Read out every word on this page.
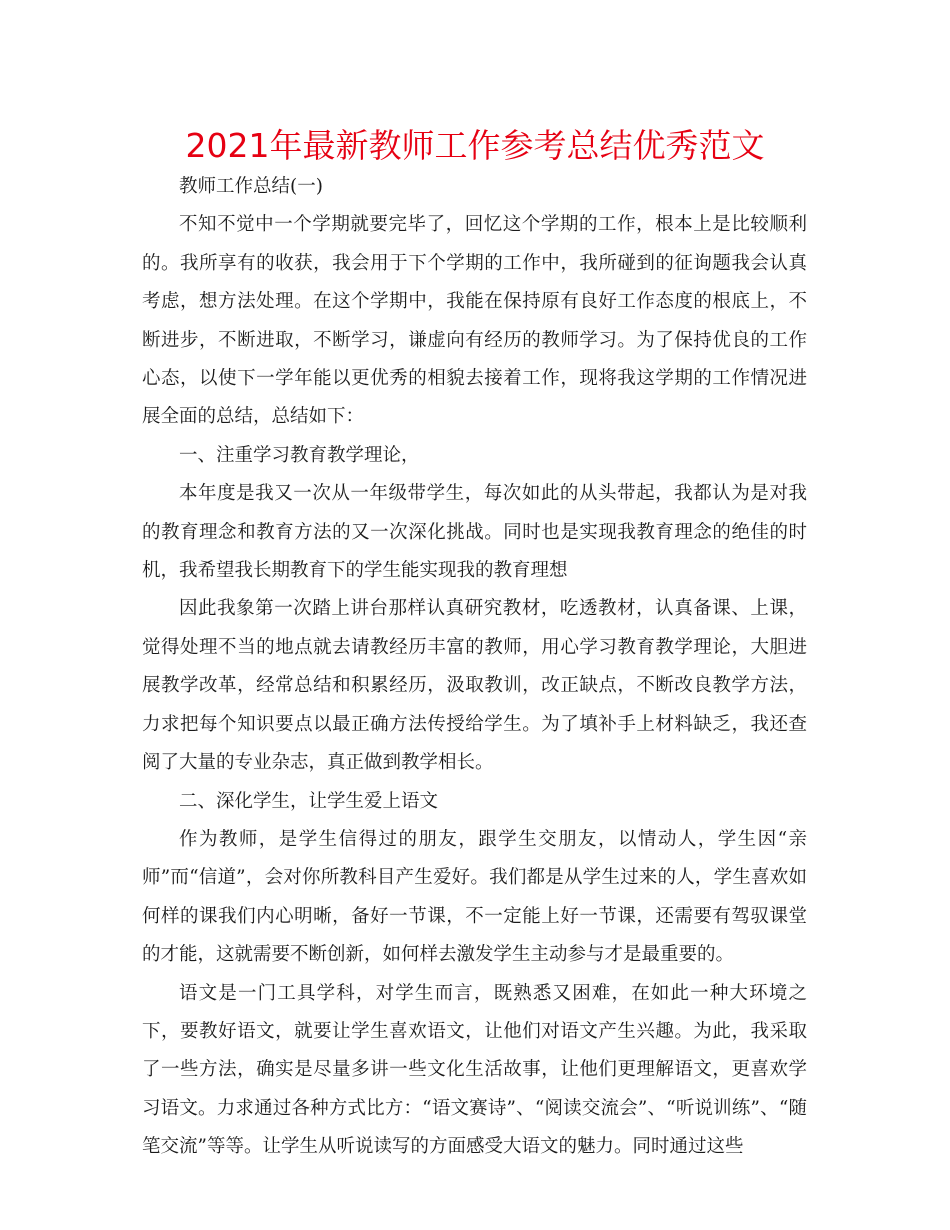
2021年最新教师工作参考总结优秀范文

教师工作总结(一)

不知不觉中一个学期就要完毕了，回忆这个学期的工作，根本上是比较顺利的。我所享有的收获，我会用于下个学期的工作中，我所碰到的征询题我会认真考虑，想方法处理。在这个学期中，我能在保持原有良好工作态度的根底上，不断进步，不断进取，不断学习，谦虚向有经历的教师学习。为了保持优良的工作心态，以使下一学年能以更优秀的相貌去接着工作，现将我这学期的工作情况进展全面的总结，总结如下：

一、注重学习教育教学理论，

本年度是我又一次从一年级带学生，每次如此的从头带起，我都认为是对我的教育理念和教育方法的又一次深化挑战。同时也是实现我教育理念的绝佳的时机，我希望我长期教育下的学生能实现我的教育理想

因此我象第一次踏上讲台那样认真研究教材，吃透教材，认真备课、上课，觉得处理不当的地点就去请教经历丰富的教师，用心学习教育教学理论，大胆进展教学改革，经常总结和积累经历，汲取教训，改正缺点，不断改良教学方法，力求把每个知识要点以最正确方法传授给学生。为了填补手上材料缺乏，我还查阅了大量的专业杂志，真正做到教学相长。

二、深化学生，让学生爱上语文

作为教师，是学生信得过的朋友，跟学生交朋友，以情动人，学生因“亲师”而“信道”，会对你所教科目产生爱好。我们都是从学生过来的人，学生喜欢如何样的课我们内心明晰，备好一节课，不一定能上好一节课，还需要有驾驭课堂的才能，这就需要不断创新，如何样去激发学生主动参与才是最重要的。

语文是一门工具学科，对学生而言，既熟悉又困难，在如此一种大环境之下，要教好语文，就要让学生喜欢语文，让他们对语文产生兴趣。为此，我采取了一些方法，确实是尽量多讲一些文化生活故事，让他们更理解语文，更喜欢学习语文。力求通过各种方式比方：“语文赛诗”、“阅读交流会”、“听说训练”、“随笔交流”等等。让学生从听说读写的方面感受大语文的魅力。同时通过这些
